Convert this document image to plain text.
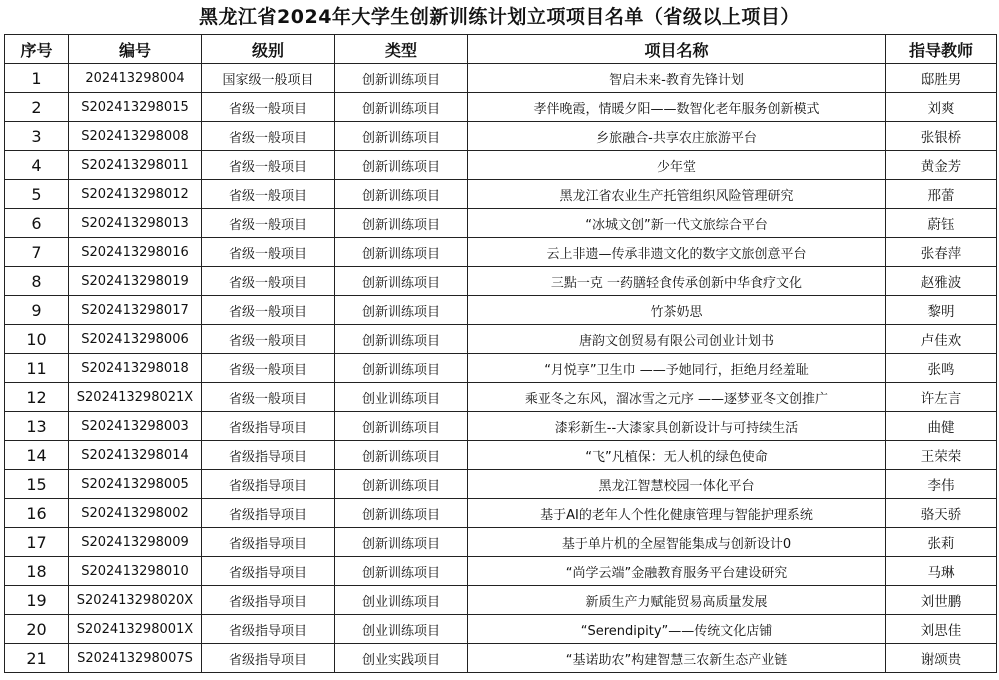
黑龙江省2024年大学生创新训练计划立项项目名单（省级以上项目）
序号	编号	级别	类型	项目名称	指导教师
1	202413298004	国家级一般项目	创新训练项目	智启未来-教育先锋计划	邸胜男
2	S202413298015	省级一般项目	创新训练项目	孝伴晚霞，情暖夕阳——数智化老年服务创新模式	刘爽
3	S202413298008	省级一般项目	创新训练项目	乡旅融合-共享农庄旅游平台	张银桥
4	S202413298011	省级一般项目	创新训练项目	少年堂	黄金芳
5	S202413298012	省级一般项目	创新训练项目	黑龙江省农业生产托管组织风险管理研究	邢蕾
6	S202413298013	省级一般项目	创新训练项目	“冰城文创”新一代文旅综合平台	蔚钰
7	S202413298016	省级一般项目	创新训练项目	云上非遗—传承非遗文化的数字文旅创意平台	张春萍
8	S202413298019	省级一般项目	创新训练项目	三點一克 一药膳轻食传承创新中华食疗文化	赵雅波
9	S202413298017	省级一般项目	创新训练项目	竹茶奶思	黎明
10	S202413298006	省级一般项目	创新训练项目	唐韵文创贸易有限公司创业计划书	卢佳欢
11	S202413298018	省级一般项目	创新训练项目	“月悦享”卫生巾 ——予她同行，拒绝月经羞耻	张鸣
12	S202413298021X	省级一般项目	创业训练项目	乘亚冬之东风，溜冰雪之元序 ——逐梦亚冬文创推广	许左言
13	S202413298003	省级指导项目	创新训练项目	漆彩新生--大漆家具创新设计与可持续生活	曲健
14	S202413298014	省级指导项目	创新训练项目	“飞”凡植保：无人机的绿色使命	王荣荣
15	S202413298005	省级指导项目	创新训练项目	黑龙江智慧校园一体化平台	李伟
16	S202413298002	省级指导项目	创新训练项目	基于AI的老年人个性化健康管理与智能护理系统	骆天骄
17	S202413298009	省级指导项目	创新训练项目	基于单片机的全屋智能集成与创新设计0	张莉
18	S202413298010	省级指导项目	创新训练项目	“尚学云端”金融教育服务平台建设研究	马琳
19	S202413298020X	省级指导项目	创业训练项目	新质生产力赋能贸易高质量发展	刘世鹏
20	S202413298001X	省级指导项目	创业训练项目	“Serendipity”——传统文化店铺	刘思佳
21	S202413298007S	省级指导项目	创业实践项目	“基诺助农”构建智慧三农新生态产业链	谢颂贵
